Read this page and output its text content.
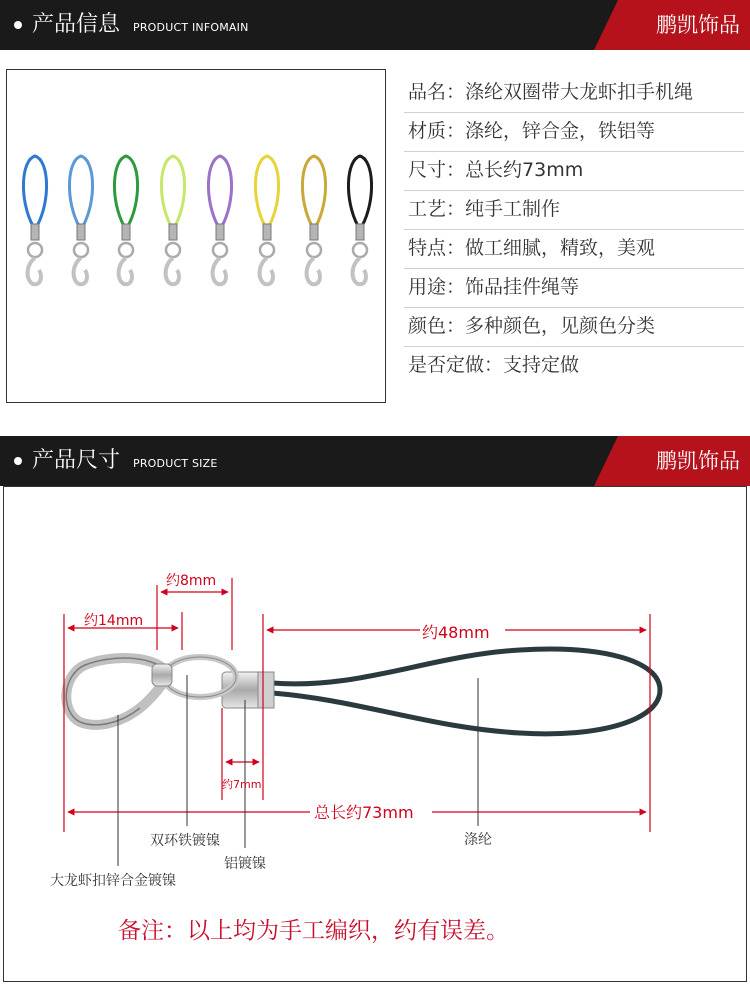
产品信息 PRODUCT INFOMAIN	鹏凯饰品
品名：涤纶双圈带大龙虾扣手机绳
材质：涤纶，锌合金，铁铝等
尺寸：总长约73mm
工艺：纯手工制作
特点：做工细腻，精致，美观
用途：饰品挂件绳等
颜色：多种颜色，见颜色分类
是否定做：支持定做
产品尺寸 PRODUCT SIZE	鹏凯饰品
约8mm
约14mm
约48mm
约7mm
总长约73mm
双环铁镀镍
铝镀镍
大龙虾扣锌合金镀镍
涤纶
备注：以上均为手工编织，约有误差。
